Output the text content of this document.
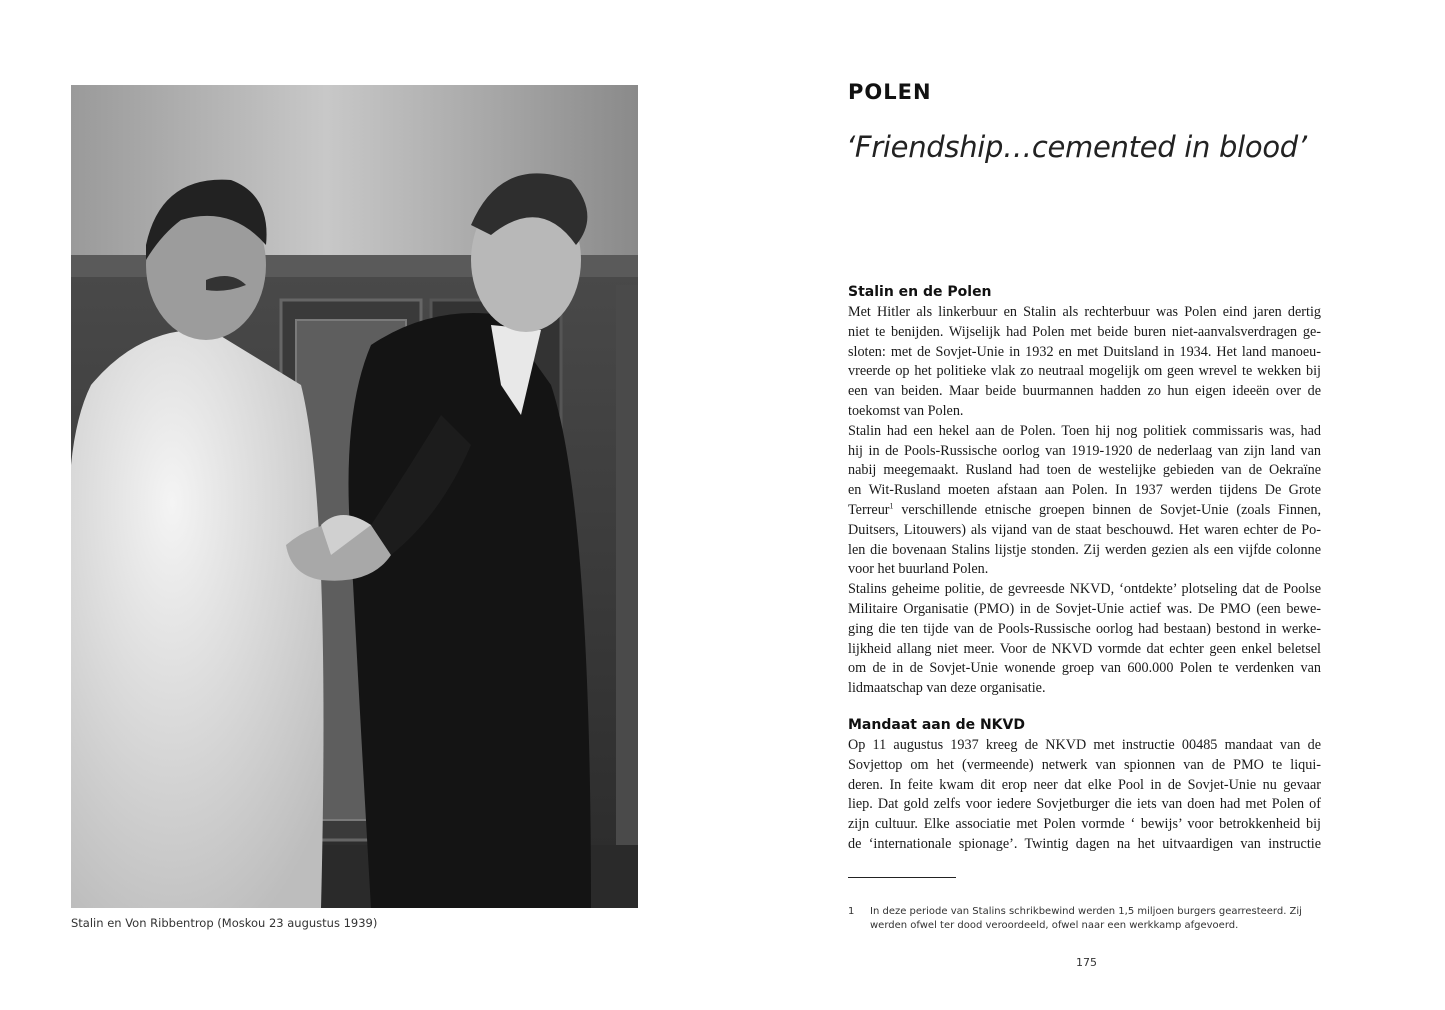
Stalin en Von Ribbentrop (Moskou 23 augustus 1939)
POLEN
‘Friendship…cemented in blood’
Stalin en de Polen
Met Hitler als linkerbuur en Stalin als rechterbuur was Polen eind jaren dertig
niet te benijden. Wijselijk had Polen met beide buren niet-aanvalsverdragen ge-
sloten: met de Sovjet-Unie in 1932 en met Duitsland in 1934. Het land manoeu-
vreerde op het politieke vlak zo neutraal mogelijk om geen wrevel te wekken bij
een van beiden. Maar beide buurmannen hadden zo hun eigen ideeën over de
toekomst van Polen.
Stalin had een hekel aan de Polen. Toen hij nog politiek commissaris was, had
hij in de Pools-Russische oorlog van 1919-1920 de nederlaag van zijn land van
nabij meegemaakt. Rusland had toen de westelijke gebieden van de Oekraïne
en Wit-Rusland moeten afstaan aan Polen. In 1937 werden tijdens De Grote
Terreur$^1$ verschillende etnische groepen binnen de Sovjet-Unie (zoals Finnen,
Duitsers, Litouwers) als vijand van de staat beschouwd. Het waren echter de Po-
len die bovenaan Stalins lijstje stonden. Zij werden gezien als een vijfde colonne
voor het buurland Polen.
Stalins geheime politie, de gevreesde NKVD, ‘ontdekte’ plotseling dat de Poolse
Militaire Organisatie (PMO) in de Sovjet-Unie actief was. De PMO (een bewe-
ging die ten tijde van de Pools-Russische oorlog had bestaan) bestond in werke-
lijkheid allang niet meer. Voor de NKVD vormde dat echter geen enkel beletsel
om de in de Sovjet-Unie wonende groep van 600.000 Polen te verdenken van
lidmaatschap van deze organisatie.
Mandaat aan de NKVD
Op 11 augustus 1937 kreeg de NKVD met instructie 00485 mandaat van de
Sovjettop om het (vermeende) netwerk van spionnen van de PMO te liqui-
deren. In feite kwam dit erop neer dat elke Pool in de Sovjet-Unie nu gevaar
liep. Dat gold zelfs voor iedere Sovjetburger die iets van doen had met Polen of
zijn cultuur. Elke associatie met Polen vormde ‘ bewijs’ voor betrokkenheid bij
de ‘internationale spionage’. Twintig dagen na het uitvaardigen van instructie
1 In deze periode van Stalins schrikbewind werden 1,5 miljoen burgers gearresteerd. Zij
werden ofwel ter dood veroordeeld, ofwel naar een werkkamp afgevoerd.
175
